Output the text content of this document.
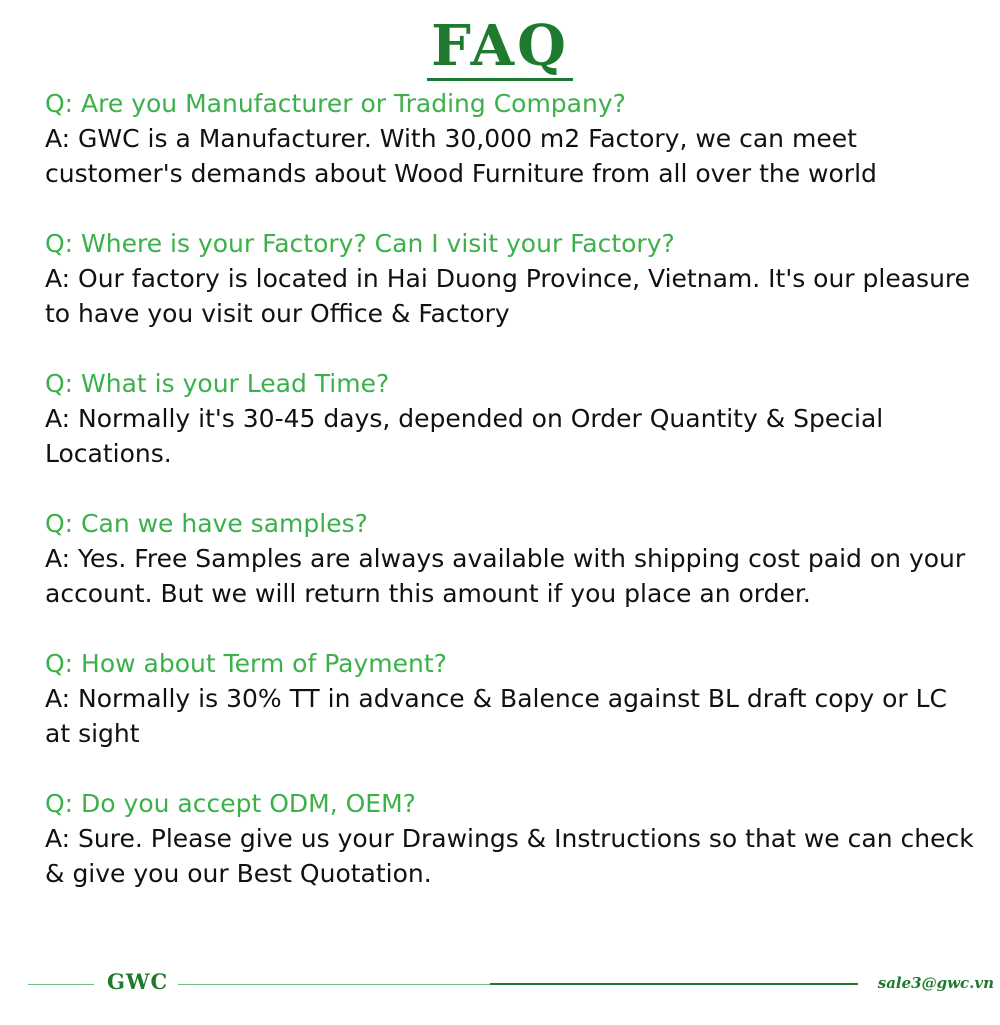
FAQ
Q: Are you Manufacturer or Trading Company?
A: GWC is a Manufacturer. With 30,000 m2 Factory, we can meet customer's demands about Wood Furniture from all over the world
Q: Where is your Factory? Can I visit your Factory?
A: Our factory is located in Hai Duong Province, Vietnam. It's our pleasure to have you visit our Office & Factory
Q: What is your Lead Time?
A: Normally it's 30-45 days, depended on Order Quantity & Special Locations.
Q: Can we have samples?
A: Yes. Free Samples are always available with shipping cost paid on your account. But we will return this amount if you place an order.
Q: How about Term of Payment?
A: Normally is 30% TT in advance & Balence against BL draft copy or LC at sight
Q: Do you accept ODM, OEM?
A: Sure. Please give us your Drawings & Instructions so that we can check & give you our Best Quotation.
GWC	sale3@gwc.vn
